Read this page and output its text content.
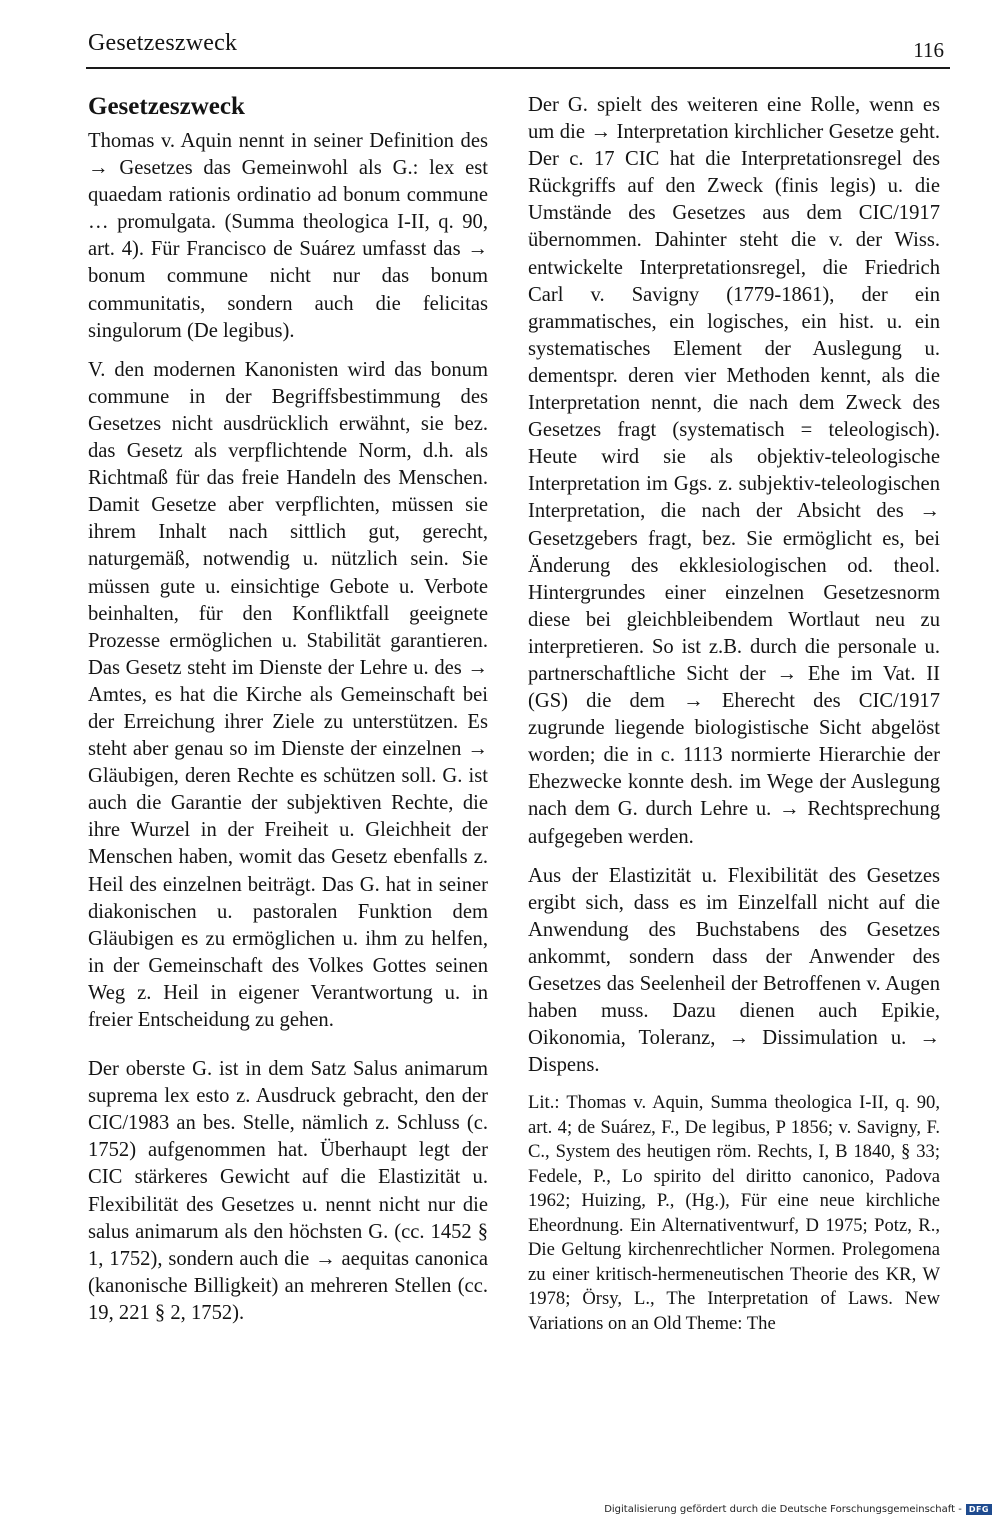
Gesetzeszweck	116
Gesetzeszweck

Thomas v. Aquin nennt in seiner Definition des → Gesetzes das Gemeinwohl als G.: lex est quaedam rationis ordinatio ad bonum commune … promulgata. (Summa theologica I-II, q. 90, art. 4). Für Francisco de Suárez umfasst das → bonum commune nicht nur das bonum communitatis, sondern auch die felicitas singulorum (De legibus).

V. den modernen Kanonisten wird das bonum commune in der Begriffsbestimmung des Gesetzes nicht ausdrücklich erwähnt, sie bez. das Gesetz als verpflichtende Norm, d.h. als Richtmaß für das freie Handeln des Menschen. Damit Gesetze aber verpflichten, müssen sie ihrem Inhalt nach sittlich gut, gerecht, naturgemäß, notwendig u. nützlich sein. Sie müssen gute u. einsichtige Gebote u. Verbote beinhalten, für den Konfliktfall geeignete Prozesse ermöglichen u. Stabilität garantieren. Das Gesetz steht im Dienste der Lehre u. des → Amtes, es hat die Kirche als Gemeinschaft bei der Erreichung ihrer Ziele zu unterstützen. Es steht aber genau so im Dienste der einzelnen → Gläubigen, deren Rechte es schützen soll. G. ist auch die Garantie der subjektiven Rechte, die ihre Wurzel in der Freiheit u. Gleichheit der Menschen haben, womit das Gesetz ebenfalls z. Heil des einzelnen beiträgt. Das G. hat in seiner diakonischen u. pastoralen Funktion dem Gläubigen es zu ermöglichen u. ihm zu helfen, in der Gemeinschaft des Volkes Gottes seinen Weg z. Heil in eigener Verantwortung u. in freier Entscheidung zu gehen.

Der oberste G. ist in dem Satz Salus animarum suprema lex esto z. Ausdruck gebracht, den der CIC/1983 an bes. Stelle, nämlich z. Schluss (c. 1752) aufgenommen hat. Überhaupt legt der CIC stärkeres Gewicht auf die Elastizität u. Flexibilität des Gesetzes u. nennt nicht nur die salus animarum als den höchsten G. (cc. 1452 § 1, 1752), sondern auch die → aequitas canonica (kanonische Billigkeit) an mehreren Stellen (cc. 19, 221 § 2, 1752).

Der G. spielt des weiteren eine Rolle, wenn es um die → Interpretation kirchlicher Gesetze geht. Der c. 17 CIC hat die Interpretationsregel des Rückgriffs auf den Zweck (finis legis) u. die Umstände des Gesetzes aus dem CIC/1917 übernommen. Dahinter steht die v. der Wiss. entwickelte Interpretationsregel, die Friedrich Carl v. Savigny (1779-1861), der ein grammatisches, ein logisches, ein hist. u. ein systematisches Element der Auslegung u. dementspr. deren vier Methoden kennt, als die Interpretation nennt, die nach dem Zweck des Gesetzes fragt (systematisch = teleologisch). Heute wird sie als objektiv-teleologische Interpretation im Ggs. z. subjektiv-teleologischen Interpretation, die nach der Absicht des → Gesetzgebers fragt, bez. Sie ermöglicht es, bei Änderung des ekklesiologischen od. theol. Hintergrundes einer einzelnen Gesetzesnorm diese bei gleichbleibendem Wortlaut neu zu interpretieren. So ist z.B. durch die personale u. partnerschaftliche Sicht der → Ehe im Vat. II (GS) die dem → Eherecht des CIC/1917 zugrunde liegende biologistische Sicht abgelöst worden; die in c. 1113 normierte Hierarchie der Ehezwecke konnte desh. im Wege der Auslegung nach dem G. durch Lehre u. → Rechtsprechung aufgegeben werden.

Aus der Elastizität u. Flexibilität des Gesetzes ergibt sich, dass es im Einzelfall nicht auf die Anwendung des Buchstabens des Gesetzes ankommt, sondern dass der Anwender des Gesetzes das Seelenheil der Betroffenen v. Augen haben muss. Dazu dienen auch Epikie, Oikonomia, Toleranz, → Dissimulation u. → Dispens.

Lit.: Thomas v. Aquin, Summa theologica I-II, q. 90, art. 4; de Suárez, F., De legibus, P 1856; v. Savigny, F. C., System des heutigen röm. Rechts, I, B 1840, § 33; Fedele, P., Lo spirito del diritto canonico, Padova 1962; Huizing, P., (Hg.), Für eine neue kirchliche Eheordnung. Ein Alternativentwurf, D 1975; Potz, R., Die Geltung kirchenrechtlicher Normen. Prolegomena zu einer kritisch-hermeneutischen Theorie des KR, W 1978; Örsy, L., The Interpretation of Laws. New Variations on an Old Theme: The

Digitalisierung gefördert durch die Deutsche Forschungsgemeinschaft - DFG
